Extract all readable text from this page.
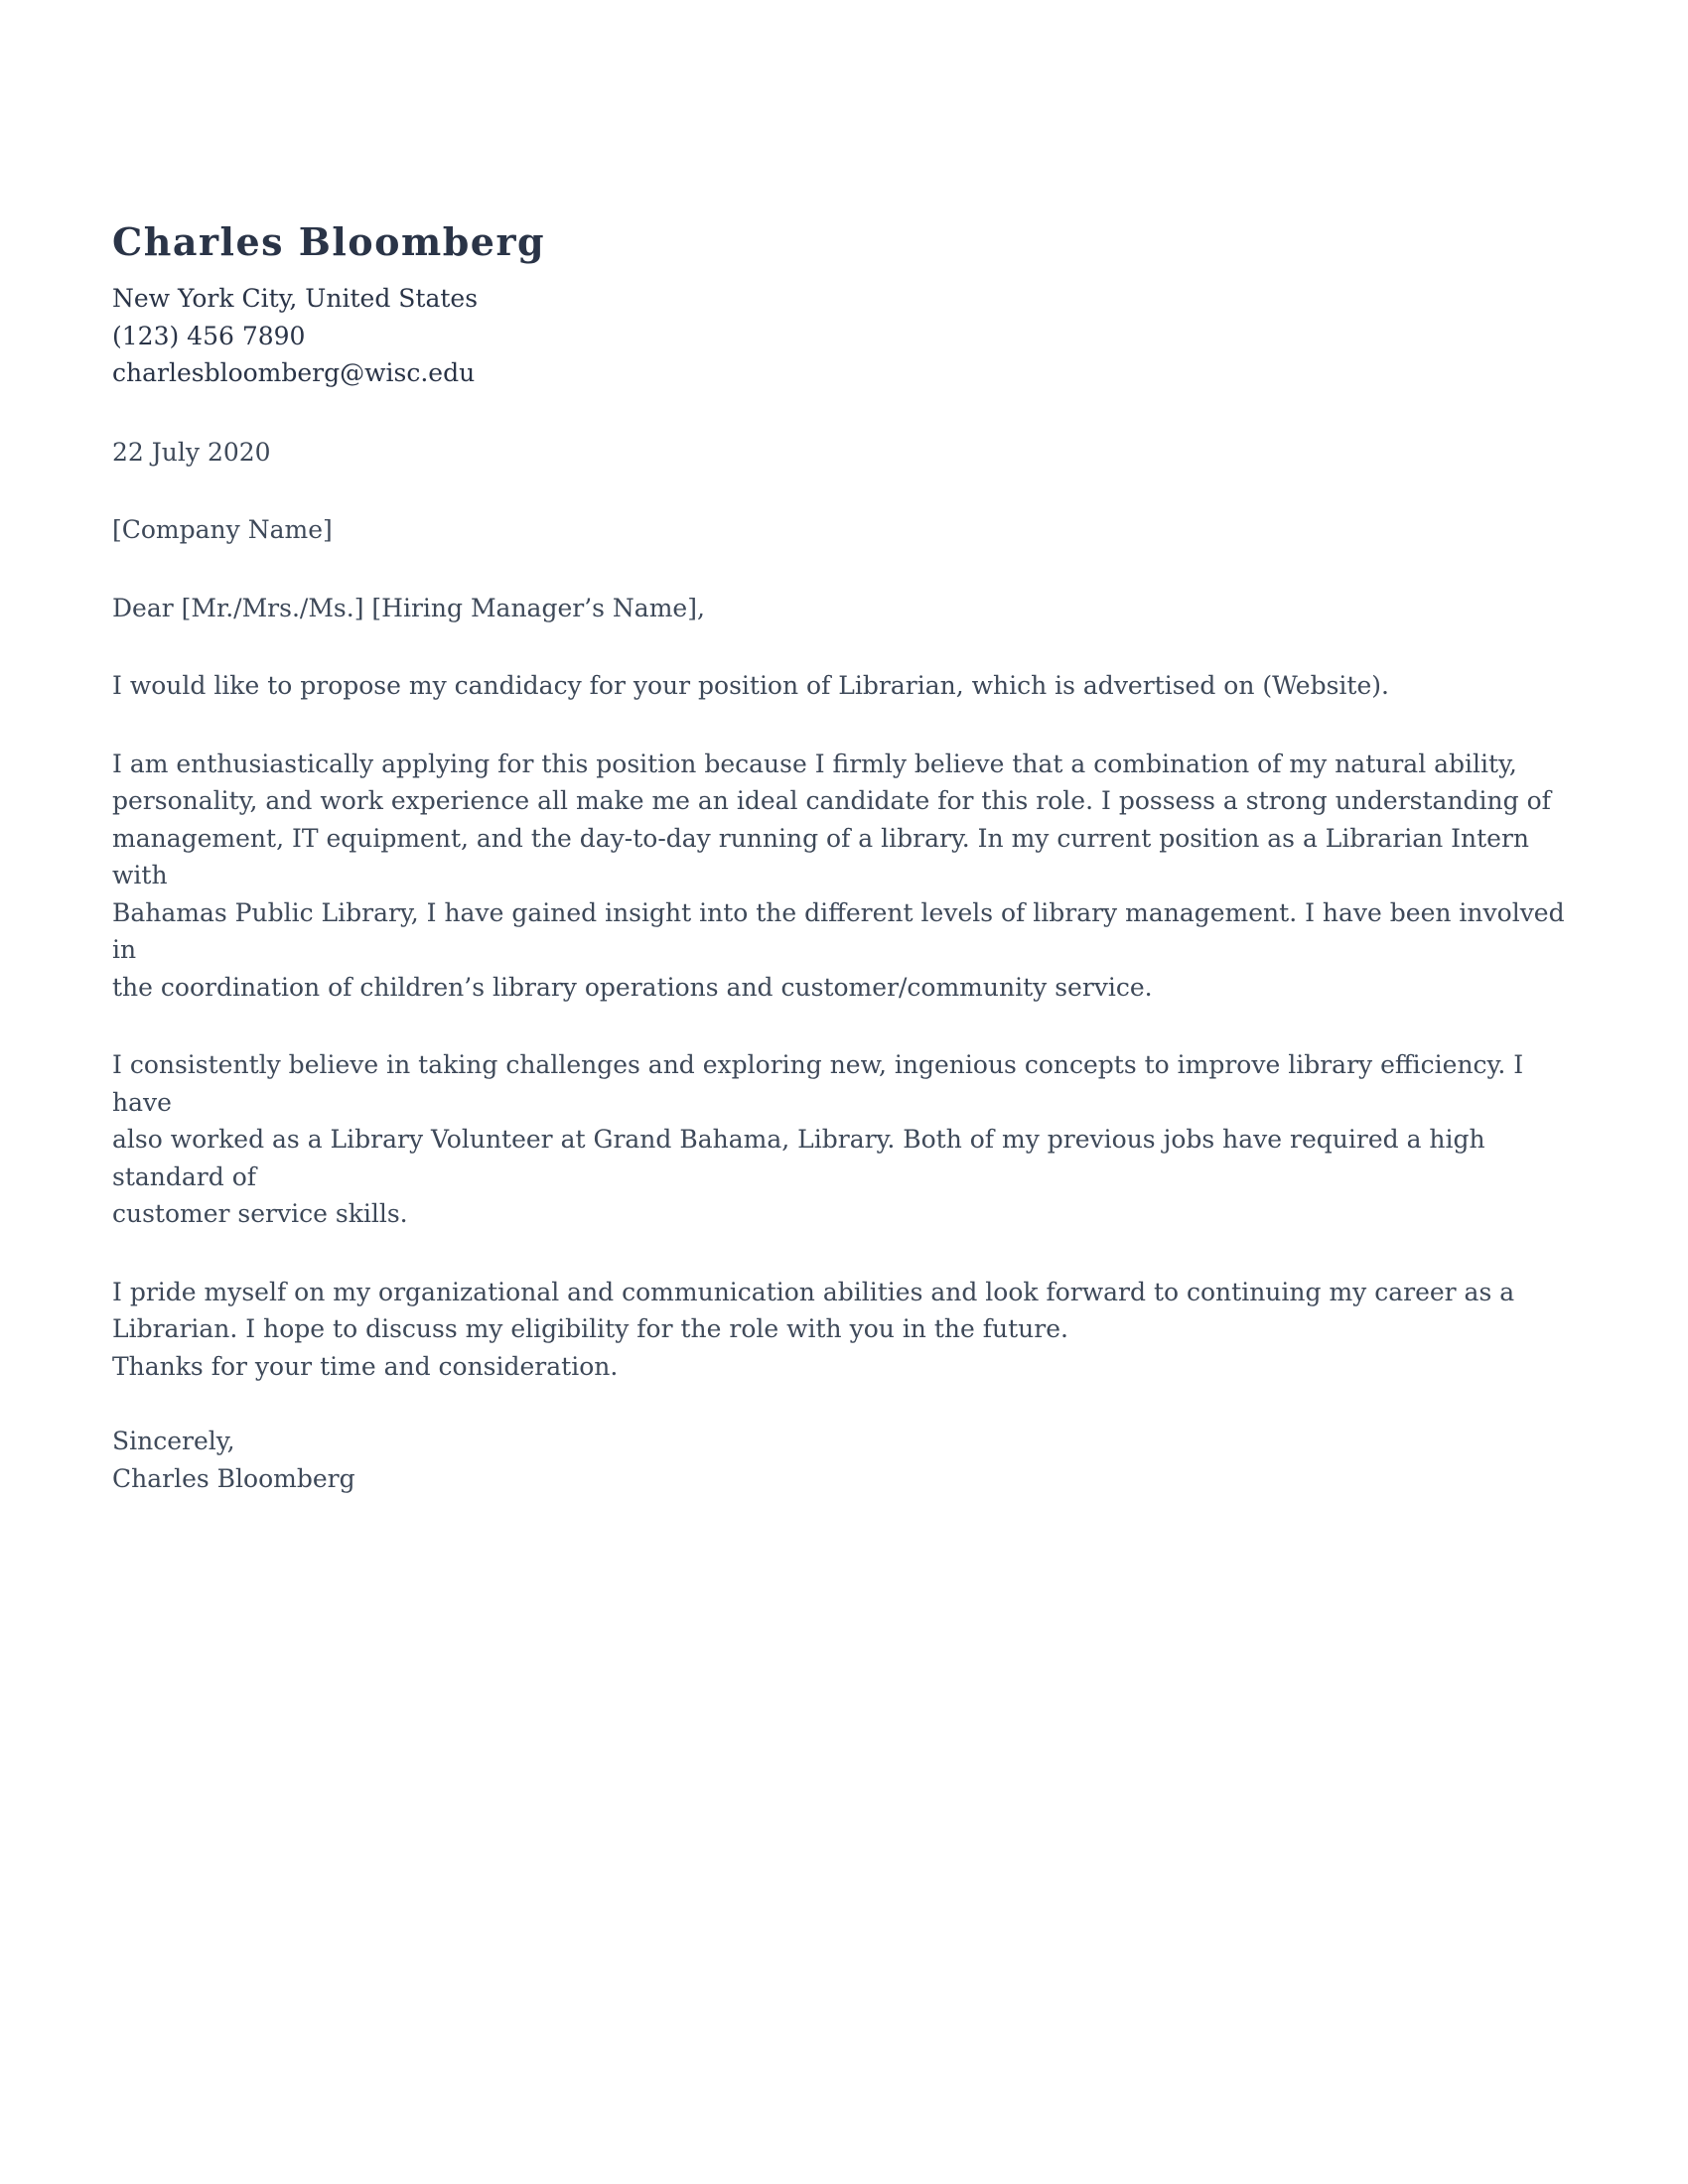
Charles Bloomberg

New York City, United States

(123) 456 7890

charlesbloomberg@wisc.edu

22 July 2020

[Company Name]

Dear [Mr./Mrs./Ms.] [Hiring Manager’s Name],

I would like to propose my candidacy for your position of Librarian, which is advertised on (Website).

I am enthusiastically applying for this position because I firmly believe that a combination of my natural ability,
personality, and work experience all make me an ideal candidate for this role. I possess a strong understanding of
management, IT equipment, and the day-to-day running of a library. In my current position as a Librarian Intern with
Bahamas Public Library, I have gained insight into the different levels of library management. I have been involved in
the coordination of children’s library operations and customer/community service.

I consistently believe in taking challenges and exploring new, ingenious concepts to improve library efficiency. I have
also worked as a Library Volunteer at Grand Bahama, Library. Both of my previous jobs have required a high standard of
customer service skills.

I pride myself on my organizational and communication abilities and look forward to continuing my career as a
Librarian. I hope to discuss my eligibility for the role with you in the future.
Thanks for your time and consideration.

Sincerely,

Charles Bloomberg
